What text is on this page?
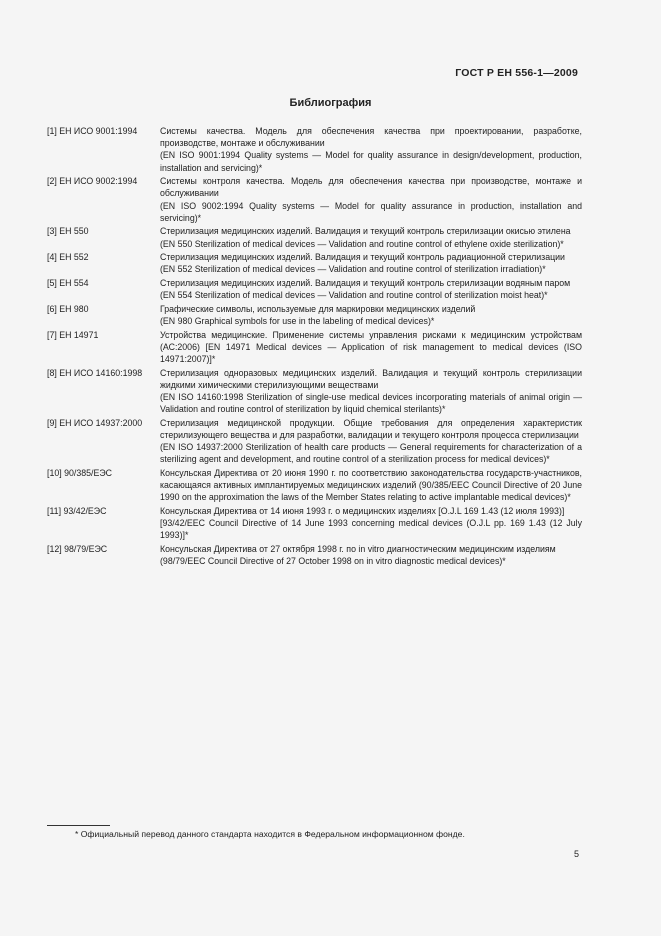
ГОСТ Р ЕН 556-1—2009
Библиография
[1] ЕН ИСО 9001:1994	Системы качества. Модель для обеспечения качества при проектировании, разработке, производстве, монтаже и обслуживании

(EN ISO 9001:1994 Quality systems — Model for quality assurance in design/development, production, installation and servicing)*

[2] ЕН ИСО 9002:1994	Системы контроля качества. Модель для обеспечения качества при производстве, монтаже и обслуживании

(EN ISO 9002:1994 Quality systems — Model for quality assurance in production, installation and servicing)*

[3] ЕН 550	Стерилизация медицинских изделий. Валидация и текущий контроль стерилизации окисью этилена

(EN 550 Sterilization of medical devices — Validation and routine control of ethylene oxide sterilization)*

[4] ЕН 552	Стерилизация медицинских изделий. Валидация и текущий контроль радиационной стерилизации

(EN 552 Sterilization of medical devices — Validation and routine control of sterilization irradiation)*

[5] ЕН 554	Стерилизация медицинских изделий. Валидация и текущий контроль стерилизации водяным паром

(EN 554 Sterilization of medical devices — Validation and routine control of sterilization moist heat)*

[6] ЕН 980	Графические символы, используемые для маркировки медицинских изделий

(EN 980 Graphical symbols for use in the labeling of medical devices)*

[7] ЕН 14971	Устройства медицинские. Применение системы управления рисками к медицинским устройствам (АС:2006) [EN 14971 Medical devices — Application of risk management to medical devices (ISO 14971:2007)]*

[8] ЕН ИСО 14160:1998	Стерилизация одноразовых медицинских изделий. Валидация и текущий контроль стерилизации жидкими химическими стерилизующими веществами

(EN ISO 14160:1998 Sterilization of single-use medical devices incorporating materials of animal origin — Validation and routine control of sterilization by liquid chemical sterilants)*

[9] ЕН ИСО 14937:2000	Стерилизация медицинской продукции. Общие требования для определения характеристик стерилизующего вещества и для разработки, валидации и текущего контроля процесса стерилизации

(EN ISO 14937:2000 Sterilization of health care products — General requirements for characterization of a sterilizing agent and development, and routine control of a sterilization process for medical devices)*

[10] 90/385/ЕЭС	Консульская Директива от 20 июня 1990 г. по соответствию законодательства государств-участников, касающаяся активных имплантируемых медицинских изделий (90/385/EEC Council Directive of 20 June 1990 on the approximation the laws of the Member States relating to active implantable medical devices)*

[11] 93/42/ЕЭС	Консульская Директива от 14 июня 1993 г. о медицинских изделиях [O.J.L 169 1.43 (12 июля 1993)]

[93/42/EEC Council Directive of 14 June 1993 concerning medical devices (O.J.L pp. 169 1.43 (12 July 1993)]*

[12] 98/79/ЕЭС	Консульская Директива от 27 октября 1998 г. по in vitro диагностическим медицинским изделиям

(98/79/EEC Council Directive of 27 October 1998 on in vitro diagnostic medical devices)*

* Официальный перевод данного стандарта находится в Федеральном информационном фонде.
5
